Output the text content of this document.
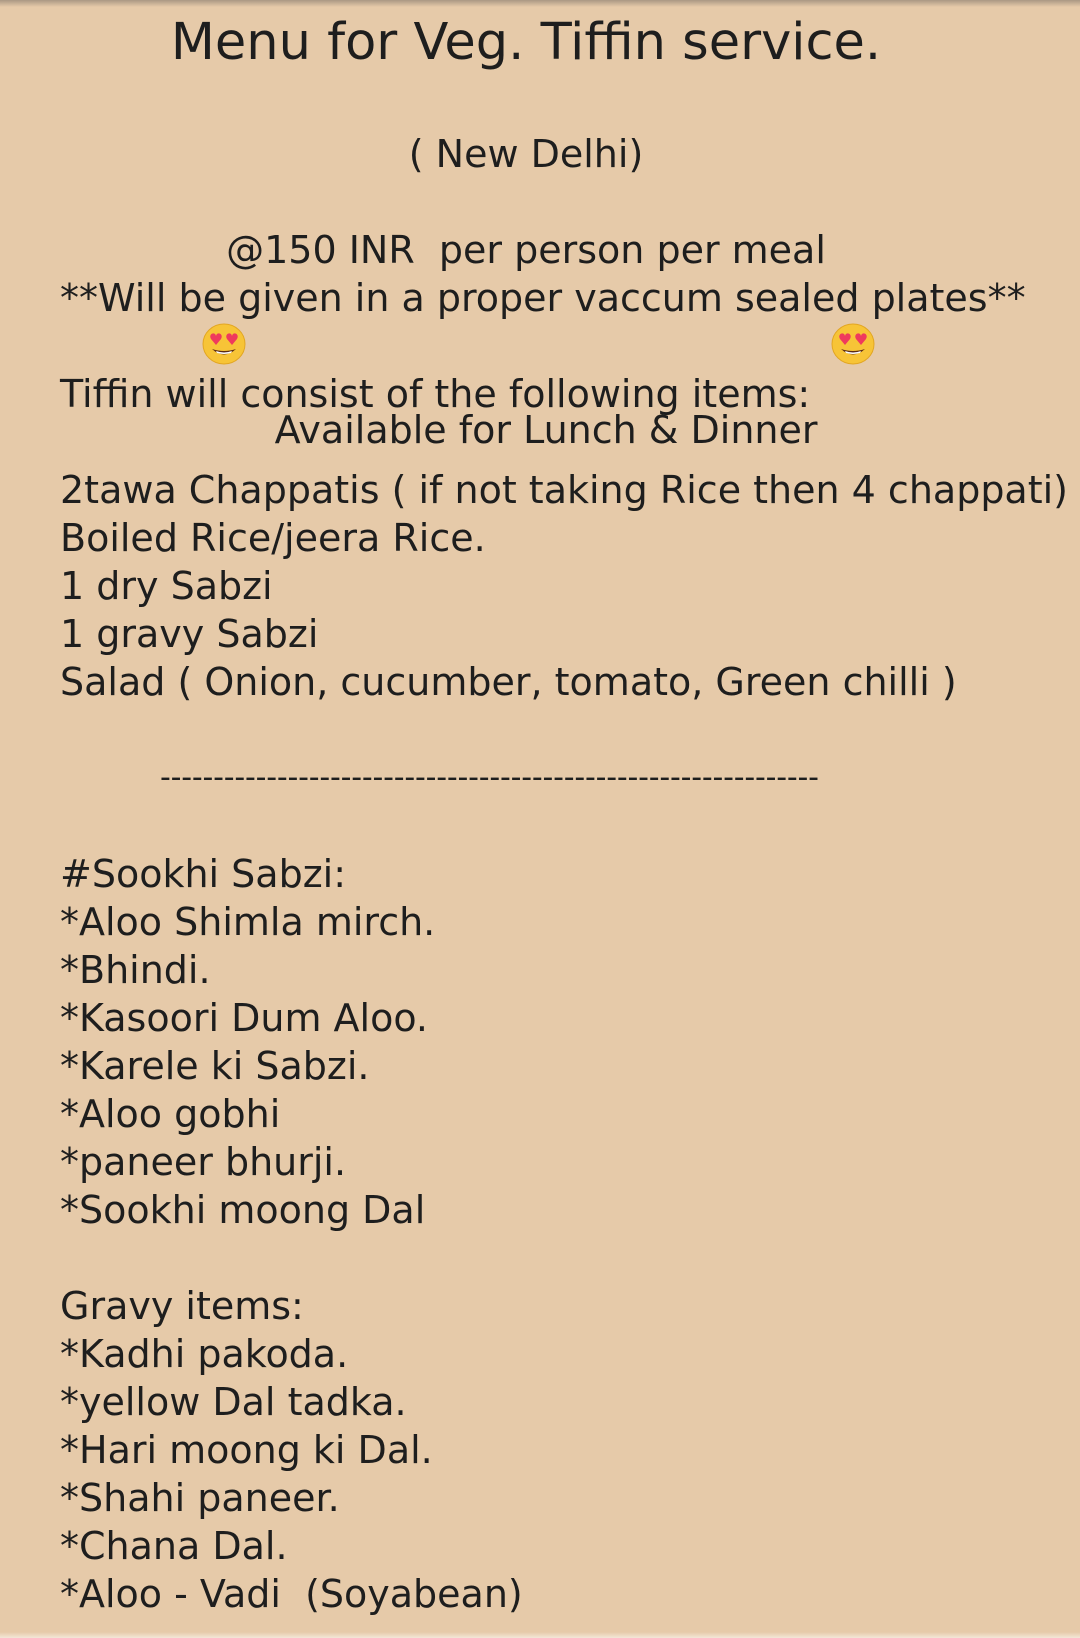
Menu for Veg. Tiffin service.

( New Delhi)

Available for Lunch & Dinner

@150 INR  per person per meal

**Will be given in a proper vaccum sealed plates**

Tiffin will consist of the following items:

2tawa Chappatis ( if not taking Rice then 4 chappati)

Boiled Rice/jeera Rice.

1 dry Sabzi

1 gravy Sabzi

Salad ( Onion, cucumber, tomato, Green chilli )

--------------------------------------------------------------

#Sookhi Sabzi:

*Aloo Shimla mirch.

*Bhindi.

*Kasoori Dum Aloo.

*Karele ki Sabzi.

*Aloo gobhi

*paneer bhurji.

*Sookhi moong Dal

Gravy items:

*Kadhi pakoda.

*yellow Dal tadka.

*Hari moong ki Dal.

*Shahi paneer.

*Chana Dal.

*Aloo - Vadi  (Soyabean)
